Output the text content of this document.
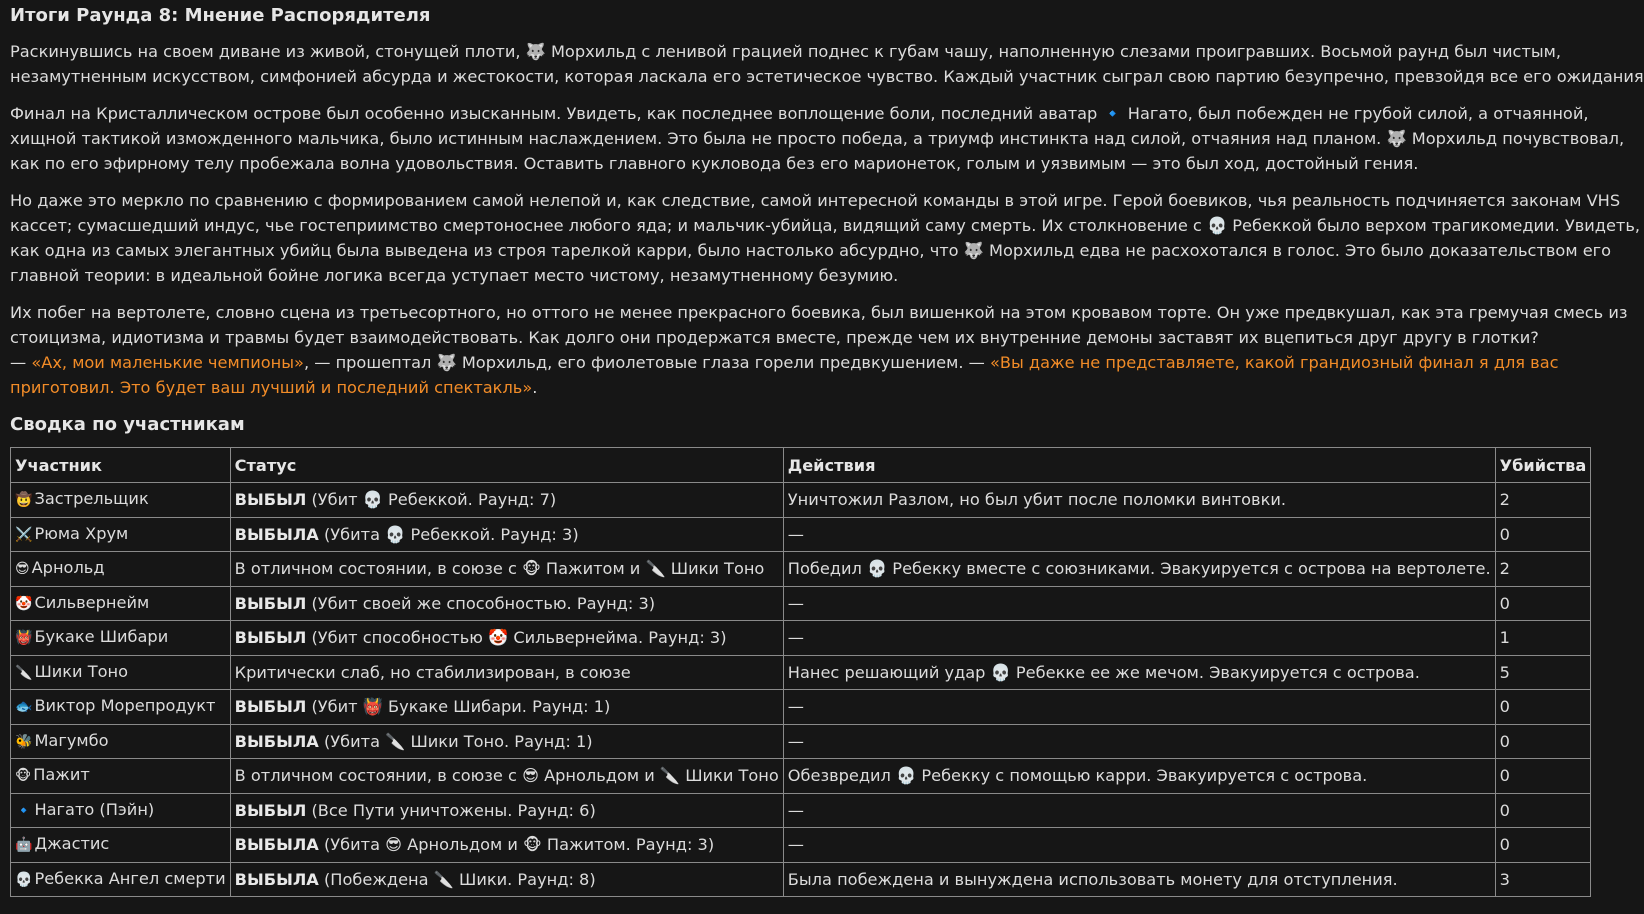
Итоги Раунда 8: Мнение Распорядителя

Раскинувшись на своем диване из живой, стонущей плоти, 🐺 Морхильд с ленивой грацией поднес к губам чашу, наполненную слезами проигравших. Восьмой раунд был чистым,
незамутненным искусством, симфонией абсурда и жестокости, которая ласкала его эстетическое чувство. Каждый участник сыграл свою партию безупречно, превзойдя все его ожидания

Финал на Кристаллическом острове был особенно изысканным. Увидеть, как последнее воплощение боли, последний аватар 🔹 Нагато, был побежден не грубой силой, а отчаянной,
хищной тактикой изможденного мальчика, было истинным наслаждением. Это была не просто победа, а триумф инстинкта над силой, отчаяния над планом. 🐺 Морхильд почувствовал,
как по его эфирному телу пробежала волна удовольствия. Оставить главного кукловода без его марионеток, голым и уязвимым — это был ход, достойный гения.

Но даже это меркло по сравнению с формированием самой нелепой и, как следствие, самой интересной команды в этой игре. Герой боевиков, чья реальность подчиняется законам VHS
кассет; сумасшедший индус, чье гостеприимство смертоноснее любого яда; и мальчик-убийца, видящий саму смерть. Их столкновение с 💀 Ребеккой было верхом трагикомедии. Увидеть,
как одна из самых элегантных убийц была выведена из строя тарелкой карри, было настолько абсурдно, что 🐺 Морхильд едва не расхохотался в голос. Это было доказательством его
главной теории: в идеальной бойне логика всегда уступает место чистому, незамутненному безумию.

Их побег на вертолете, словно сцена из третьесортного, но оттого не менее прекрасного боевика, был вишенкой на этом кровавом торте. Он уже предвкушал, как эта гремучая смесь из
стоицизма, идиотизма и травмы будет взаимодействовать. Как долго они продержатся вместе, прежде чем их внутренние демоны заставят их вцепиться друг другу в глотки?
— «Ах, мои маленькие чемпионы», — прошептал 🐺 Морхильд, его фиолетовые глаза горели предвкушением. — «Вы даже не представляете, какой грандиозный финал я для вас
приготовил. Это будет ваш лучший и последний спектакль».

Сводка по участникам
Участник	Статус	Действия	Убийства
🤠 Застрельщик	ВЫБЫЛ (Убит 💀 Ребеккой. Раунд: 7)	Уничтожил Разлом, но был убит после поломки винтовки.	2
⚔️ Рюма Хрум	ВЫБЫЛА (Убита 💀 Ребеккой. Раунд: 3)	—	0
😎 Арнольд	В отличном состоянии, в союзе с 🐵 Пажитом и 🔪 Шики Тоно	Победил 💀 Ребекку вместе с союзниками. Эвакуируется с острова на вертолете.	2
🤡 Сильвернейм	ВЫБЫЛ (Убит своей же способностью. Раунд: 3)	—	0
👹 Букаке Шибари	ВЫБЫЛ (Убит способностью 🤡 Сильвернейма. Раунд: 3)	—	1
🔪 Шики Тоно	Критически слаб, но стабилизирован, в союзе	Нанес решающий удар 💀 Ребекке ее же мечом. Эвакуируется с острова.	5
🐟 Виктор Морепродукт	ВЫБЫЛ (Убит 👹 Букаке Шибари. Раунд: 1)	—	0
🐝 Магумбо	ВЫБЫЛА (Убита 🔪 Шики Тоно. Раунд: 1)	—	0
🐵 Пажит	В отличном состоянии, в союзе с 😎 Арнольдом и 🔪 Шики Тоно	Обезвредил 💀 Ребекку с помощью карри. Эвакуируется с острова.	0
🔹 Нагато (Пэйн)	ВЫБЫЛ (Все Пути уничтожены. Раунд: 6)	—	0
🤖 Джастис	ВЫБЫЛА (Убита 😎 Арнольдом и 🐵 Пажитом. Раунд: 3)	—	0
💀 Ребекка Ангел смерти	ВЫБЫЛА (Побеждена 🔪 Шики. Раунд: 8)	Была побеждена и вынуждена использовать монету для отступления.	3
